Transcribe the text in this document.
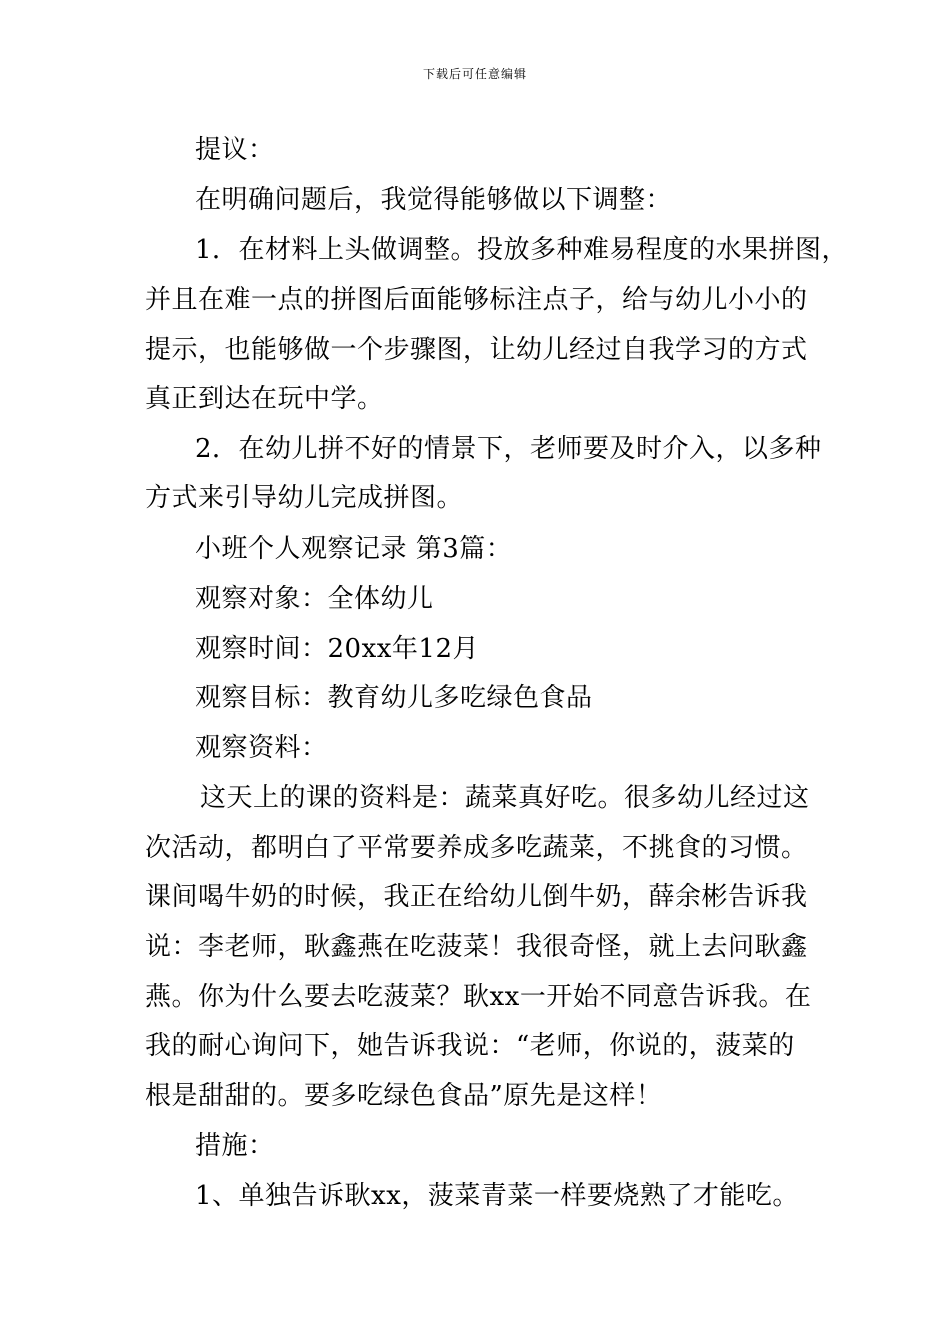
下载后可任意编辑
提议：
在明确问题后，我觉得能够做以下调整：
1．在材料上头做调整。投放多种难易程度的水果拼图，
并且在难一点的拼图后面能够标注点子，给与幼儿小小的
提示，也能够做一个步骤图，让幼儿经过自我学习的方式
真正到达在玩中学。
2．在幼儿拼不好的情景下，老师要及时介入，以多种
方式来引导幼儿完成拼图。
小班个人观察记录 第3篇：
观察对象：全体幼儿
观察时间：20xx年12月
观察目标：教育幼儿多吃绿色食品
观察资料：
这天上的课的资料是：蔬菜真好吃。很多幼儿经过这
次活动，都明白了平常要养成多吃蔬菜，不挑食的习惯。
课间喝牛奶的时候，我正在给幼儿倒牛奶，薛余彬告诉我
说：李老师，耿鑫燕在吃菠菜！我很奇怪，就上去问耿鑫
燕。你为什么要去吃菠菜？耿xx一开始不同意告诉我。在
我的耐心询问下，她告诉我说：“老师，你说的，菠菜的
根是甜甜的。要多吃绿色食品”原先是这样！
措施：
1、单独告诉耿xx，菠菜青菜一样要烧熟了才能吃。
